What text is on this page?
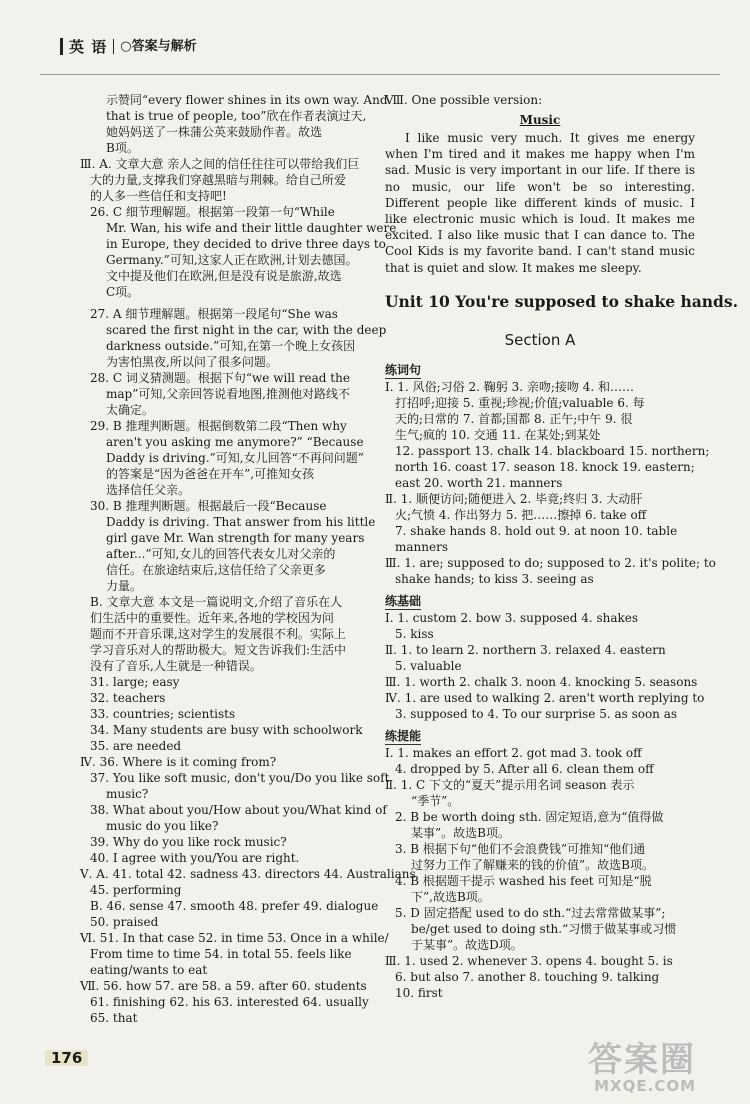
英 语 ○答案与解析
示赞同“every flower shines in its own way. And
that is true of people, too”欣在作者表演过天,
她妈妈送了一株蒲公英来鼓励作者。故选
B项。
Ⅲ. A. 文章大意 亲人之间的信任往往可以带给我们巨
大的力量,支撑我们穿越黑暗与荆棘。给自己所爱
的人多一些信任和支持吧!
26. C 细节理解题。根据第一段第一句“While
Mr. Wan, his wife and their little daughter were
in Europe, they decided to drive three days to
Germany.”可知,这家人正在欧洲,计划去德国。
文中提及他们在欧洲,但是没有说是旅游,故选
C项。
27. A 细节理解题。根据第一段尾句“She was
scared the first night in the car, with the deep
darkness outside.”可知,在第一个晚上女孩因
为害怕黑夜,所以问了很多问题。
28. C 词义猜测题。根据下句“we will read the
map”可知,父亲回答说看地图,推测他对路线不
太确定。
29. B 推理判断题。根据倒数第二段“Then why
aren't you asking me anymore?” “Because
Daddy is driving.”可知,女儿回答“不再问问题”
的答案是“因为爸爸在开车”,可推知女孩
选择信任父亲。
30. B 推理判断题。根据最后一段“Because
Daddy is driving. That answer from his little
girl gave Mr. Wan strength for many years
after...”可知,女儿的回答代表女儿对父亲的
信任。在旅途结束后,这信任给了父亲更多
力量。
B. 文章大意 本文是一篇说明文,介绍了音乐在人
们生活中的重要性。近年来,各地的学校因为问
题而不开音乐课,这对学生的发展很不利。实际上
学习音乐对人的帮助极大。短文告诉我们:生活中
没有了音乐,人生就是一种错误。
31. large; easy
32. teachers
33. countries; scientists
34. Many students are busy with schoolwork
35. are needed
Ⅳ. 36. Where is it coming from?
37. You like soft music, don't you/Do you like soft
music?
38. What about you/How about you/What kind of
music do you like?
39. Why do you like rock music?
40. I agree with you/You are right.
Ⅴ. A. 41. total 42. sadness 43. directors 44. Australians
45. performing
B. 46. sense 47. smooth 48. prefer 49. dialogue
50. praised
Ⅵ. 51. In that case 52. in time 53. Once in a while/
From time to time 54. in total 55. feels like
eating/wants to eat
Ⅶ. 56. how 57. are 58. a 59. after 60. students
61. finishing 62. his 63. interested 64. usually
65. that
Ⅷ. One possible version:
Music
I like music very much. It gives me energy when I'm tired and it makes me happy when I'm sad. Music is very important in our life. If there is no music, our life won't be so interesting. Different people like different kinds of music. I like electronic music which is loud. It makes me excited. I also like music that I can dance to. The Cool Kids is my favorite band. I can't stand music that is quiet and slow. It makes me sleepy.
Unit 10 You're supposed to shake hands.
Section A
练词句
Ⅰ. 1. 风俗;习俗 2. 鞠躬 3. 亲吻;接吻 4. 和……
打招呼;迎接 5. 重视;珍视;价值;valuable 6. 每
天的;日常的 7. 首都;国都 8. 正午;中午 9. 很
生气;疯的 10. 交通 11. 在某处;到某处
12. passport 13. chalk 14. blackboard 15. northern;
north 16. coast 17. season 18. knock 19. eastern;
east 20. worth 21. manners
Ⅱ. 1. 顺便访问;随便进入 2. 毕竟;终归 3. 大动肝
火;气愤 4. 作出努力 5. 把……擦掉 6. take off
7. shake hands 8. hold out 9. at noon 10. table
manners
Ⅲ. 1. are; supposed to do; supposed to 2. it's polite; to
shake hands; to kiss 3. seeing as
练基础
Ⅰ. 1. custom 2. bow 3. supposed 4. shakes
5. kiss
Ⅱ. 1. to learn 2. northern 3. relaxed 4. eastern
5. valuable
Ⅲ. 1. worth 2. chalk 3. noon 4. knocking 5. seasons
Ⅳ. 1. are used to walking 2. aren't worth replying to
3. supposed to 4. To our surprise 5. as soon as
练提能
Ⅰ. 1. makes an effort 2. got mad 3. took off
4. dropped by 5. After all 6. clean them off
Ⅱ. 1. C 下文的“夏天”提示用名词 season 表示
“季节”。
2. B be worth doing sth. 固定短语,意为“值得做
某事”。故选B项。
3. B 根据下句“他们不会浪费钱”可推知“他们通
过努力工作了解赚来的钱的价值”。故选B项。
4. B 根据题干提示 washed his feet 可知是“脱
下”,故选B项。
5. D 固定搭配 used to do sth.“过去常常做某事”;
be/get used to doing sth.“习惯于做某事或习惯
于某事”。故选D项。
Ⅲ. 1. used 2. whenever 3. opens 4. bought 5. is
6. but also 7. another 8. touching 9. talking
10. first
176	答案圈
MXQE.COM
